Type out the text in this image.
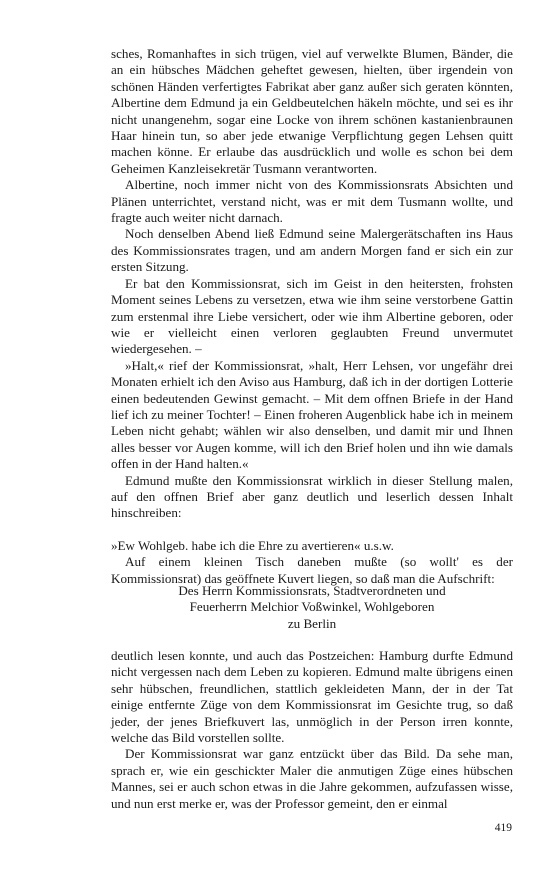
sches, Romanhaftes in sich trügen, viel auf verwelkte Blumen, Bänder, die an ein hübsches Mädchen geheftet gewesen, hielten, über irgendein von schönen Händen verfertigtes Fabrikat aber ganz außer sich geraten könnten, Albertine dem Edmund ja ein Geldbeutelchen häkeln möchte, und sei es ihr nicht unangenehm, sogar eine Locke von ihrem schönen kastanienbraunen Haar hinein tun, so aber jede etwanige Verpflichtung gegen Lehsen quitt machen könne. Er erlaube das ausdrücklich und wolle es schon bei dem Geheimen Kanzleisekretär Tusmann verantworten.

Albertine, noch immer nicht von des Kommissionsrats Absichten und Plänen unterrichtet, verstand nicht, was er mit dem Tusmann wollte, und fragte auch weiter nicht darnach.

Noch denselben Abend ließ Edmund seine Malergerätschaften ins Haus des Kommissionsrates tragen, und am andern Morgen fand er sich ein zur ersten Sitzung.

Er bat den Kommissionsrat, sich im Geist in den heitersten, frohsten Moment seines Lebens zu versetzen, etwa wie ihm seine verstorbene Gattin zum erstenmal ihre Liebe versichert, oder wie ihm Albertine geboren, oder wie er vielleicht einen verloren geglaubten Freund unvermutet wiedergesehen. –

»Halt,« rief der Kommissionsrat, »halt, Herr Lehsen, vor ungefähr drei Monaten erhielt ich den Aviso aus Hamburg, daß ich in der dortigen Lotterie einen bedeutenden Gewinst gemacht. – Mit dem offnen Briefe in der Hand lief ich zu meiner Tochter! – Einen froheren Augenblick habe ich in meinem Leben nicht gehabt; wählen wir also denselben, und damit mir und Ihnen alles besser vor Augen komme, will ich den Brief holen und ihn wie damals offen in der Hand halten.«

Edmund mußte den Kommissionsrat wirklich in dieser Stellung malen, auf den offnen Brief aber ganz deutlich und leserlich dessen Inhalt hinschreiben:

»Ew Wohlgeb. habe ich die Ehre zu avertieren« u.s.w.

Auf einem kleinen Tisch daneben mußte (so wollt' es der Kommissionsrat) das geöffnete Kuvert liegen, so daß man die Aufschrift:

Des Herrn Kommissionsrats, Stadtverordneten und
Feuerherrn Melchior Voßwinkel, Wohlgeboren
zu Berlin

deutlich lesen konnte, und auch das Postzeichen: Hamburg durfte Edmund nicht vergessen nach dem Leben zu kopieren. Edmund malte übrigens einen sehr hübschen, freundlichen, stattlich gekleideten Mann, der in der Tat einige entfernte Züge von dem Kommissionsrat im Gesichte trug, so daß jeder, der jenes Briefkuvert las, unmöglich in der Person irren konnte, welche das Bild vorstellen sollte.

Der Kommissionsrat war ganz entzückt über das Bild. Da sehe man, sprach er, wie ein geschickter Maler die anmutigen Züge eines hübschen Mannes, sei er auch schon etwas in die Jahre gekommen, aufzufassen wisse, und nun erst merke er, was der Professor gemeint, den er einmal

419
